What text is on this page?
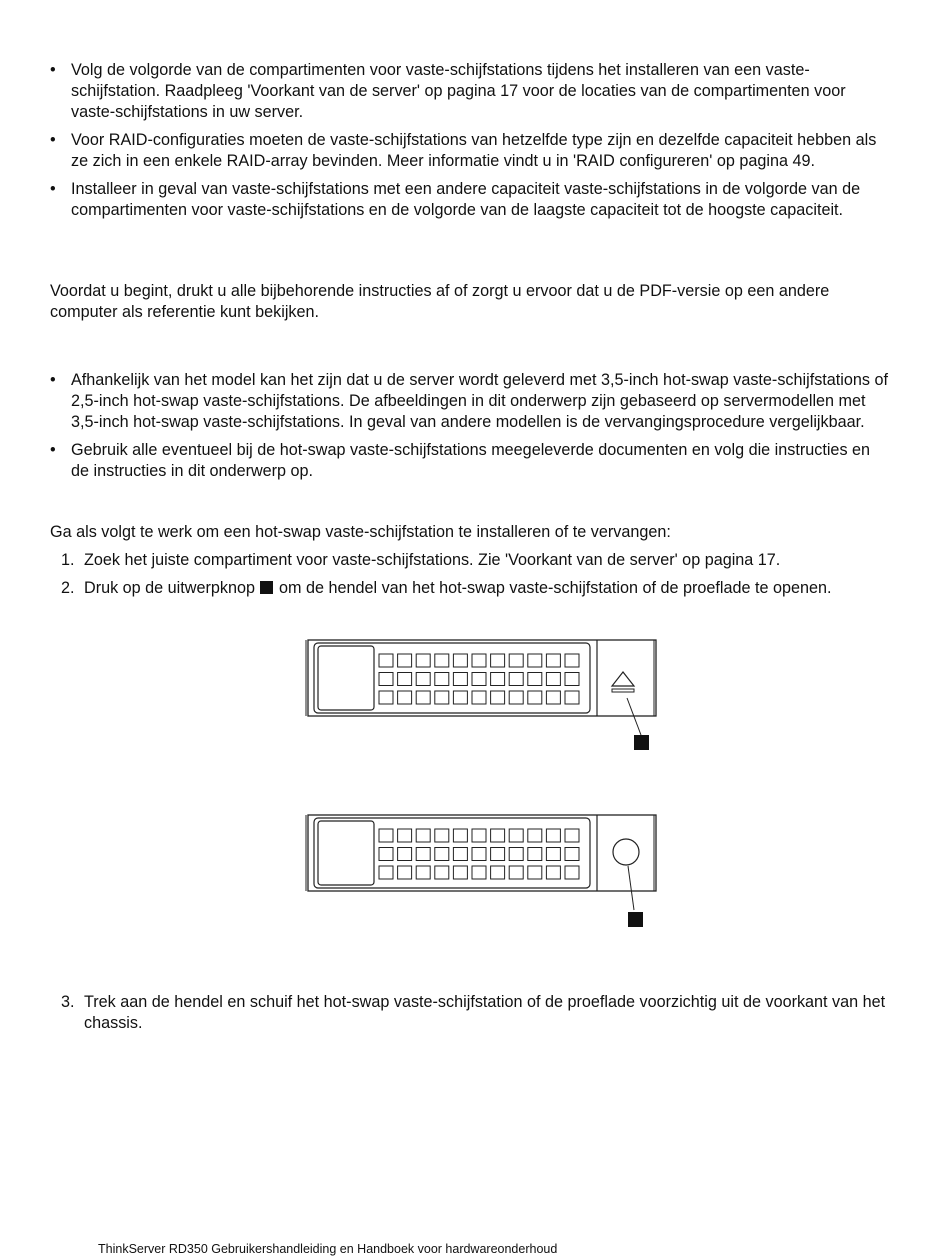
• Volg de volgorde van de compartimenten voor vaste-schijfstations tijdens het installeren van een vaste-schijfstation. Raadpleeg 'Voorkant van de server' op pagina 17 voor de locaties van de compartimenten voor vaste-schijfstations in uw server.
• Voor RAID-configuraties moeten de vaste-schijfstations van hetzelfde type zijn en dezelfde capaciteit hebben als ze zich in een enkele RAID-array bevinden. Meer informatie vindt u in 'RAID configureren' op pagina 49.
• Installeer in geval van vaste-schijfstations met een andere capaciteit vaste-schijfstations in de volgorde van de compartimenten voor vaste-schijfstations en de volgorde van de laagste capaciteit tot de hoogste capaciteit.

Voordat u begint, drukt u alle bijbehorende instructies af of zorgt u ervoor dat u de PDF-versie op een andere computer als referentie kunt bekijken.

• Afhankelijk van het model kan het zijn dat u de server wordt geleverd met 3,5-inch hot-swap vaste-schijfstations of 2,5-inch hot-swap vaste-schijfstations. De afbeeldingen in dit onderwerp zijn gebaseerd op servermodellen met 3,5-inch hot-swap vaste-schijfstations. In geval van andere modellen is de vervangingsprocedure vergelijkbaar.
• Gebruik alle eventueel bij de hot-swap vaste-schijfstations meegeleverde documenten en volg die instructies en de instructies in dit onderwerp op.

Ga als volgt te werk om een hot-swap vaste-schijfstation te installeren of te vervangen:

1. Zoek het juiste compartiment voor vaste-schijfstations. Zie 'Voorkant van de server' op pagina 17.
2. Druk op de uitwerpknop om de hendel van het hot-swap vaste-schijfstation of de proeflade te openen.
3. Trek aan de hendel en schuif het hot-swap vaste-schijfstation of de proeflade voorzichtig uit de voorkant van het chassis.
ThinkServer RD350 Gebruikershandleiding en Handboek voor hardwareonderhoud
